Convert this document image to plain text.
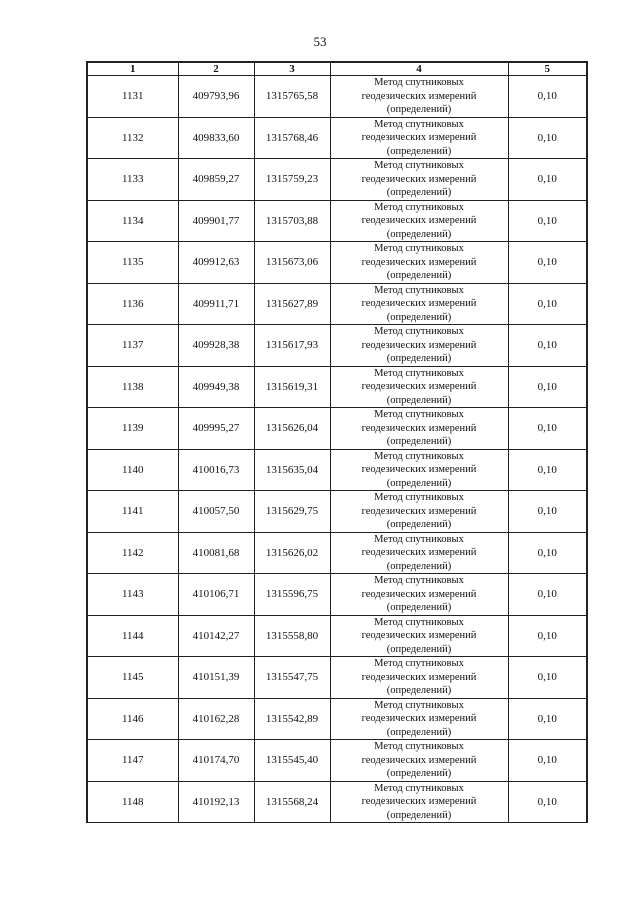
53
1	2	3	4	5
1131	409793,96	1315765,58	Метод спутниковых
геодезических измерений
(определений)	0,10
1132	409833,60	1315768,46	Метод спутниковых
геодезических измерений
(определений)	0,10
1133	409859,27	1315759,23	Метод спутниковых
геодезических измерений
(определений)	0,10
1134	409901,77	1315703,88	Метод спутниковых
геодезических измерений
(определений)	0,10
1135	409912,63	1315673,06	Метод спутниковых
геодезических измерений
(определений)	0,10
1136	409911,71	1315627,89	Метод спутниковых
геодезических измерений
(определений)	0,10
1137	409928,38	1315617,93	Метод спутниковых
геодезических измерений
(определений)	0,10
1138	409949,38	1315619,31	Метод спутниковых
геодезических измерений
(определений)	0,10
1139	409995,27	1315626,04	Метод спутниковых
геодезических измерений
(определений)	0,10
1140	410016,73	1315635,04	Метод спутниковых
геодезических измерений
(определений)	0,10
1141	410057,50	1315629,75	Метод спутниковых
геодезических измерений
(определений)	0,10
1142	410081,68	1315626,02	Метод спутниковых
геодезических измерений
(определений)	0,10
1143	410106,71	1315596,75	Метод спутниковых
геодезических измерений
(определений)	0,10
1144	410142,27	1315558,80	Метод спутниковых
геодезических измерений
(определений)	0,10
1145	410151,39	1315547,75	Метод спутниковых
геодезических измерений
(определений)	0,10
1146	410162,28	1315542,89	Метод спутниковых
геодезических измерений
(определений)	0,10
1147	410174,70	1315545,40	Метод спутниковых
геодезических измерений
(определений)	0,10
1148	410192,13	1315568,24	Метод спутниковых
геодезических измерений
(определений)	0,10
